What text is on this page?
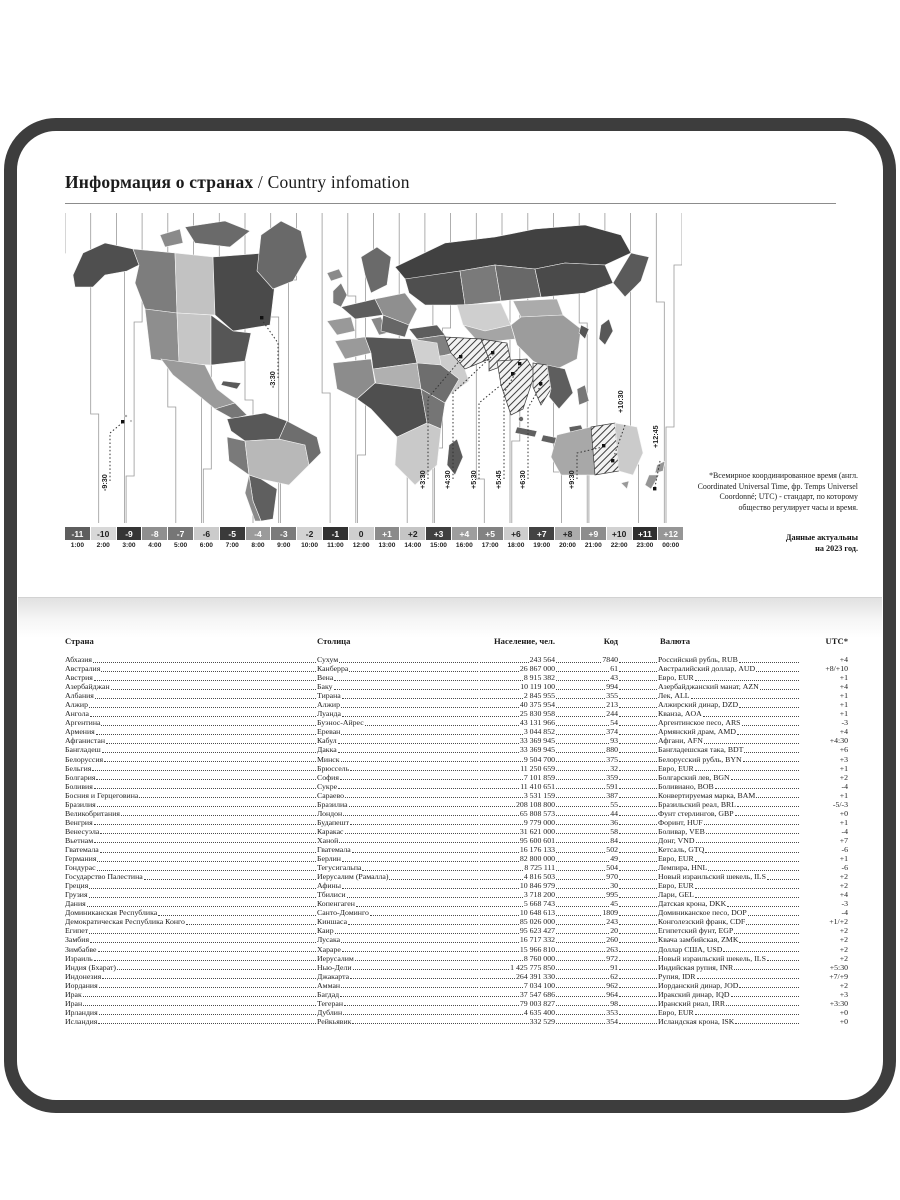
Информация о странах / Country infomation
-9:30
-3:30
+3:30 +4:30 +5:30 +5:45 +6:30	+9:30
+10:30
+12:45
-11	-10	-9	-8	-7	-6	-5	-4	-3	-2	-1	0	+1	+2	+3	+4	+5	+6	+7	+8	+9	+10	+11	+12
1:00	2:00	3:00	4:00	5:00	6:00	7:00	8:00	9:00	10:00	11:00	12:00	13:00	14:00	15:00	16:00	17:00	18:00	19:00	20:00	21:00	22:00	23:00	00:00
*Всемирное координированное время (англ. Coordinated Universal Time, фр. Temps Universel Coordonné; UTC) - стандарт, по которому общество регулирует часы и время.
Данные актуальны
на 2023 год.
Страна	Столица	Население, чел.	Код	Валюта	UTC*
Абхазия	Сухум	243 564	7840	Российский рубль, RUB	+4
Австралия	Канберра	26 867 000	61	Австралийский доллар, AUD	+8/+10
Австрия	Вена	8 915 382	43	Евро, EUR	+1
Азербайджан	Баку	10 119 100	994	Азербайджанский манат, AZN	+4
Албания	Тирана	2 845 955	355	Лек, ALL	+1
Алжир	Алжир	40 375 954	213	Алжирский динар, DZD	+1
Ангола	Луанда	25 830 958	244	Кванза, AOA	+1
Аргентина	Буэнос-Айрес	43 131 966	54	Аргентинское песо, ARS	-3
Армения	Ереван	3 044 852	374	Армянский драм, AMD	+4
Афганистан	Кабул	33 369 945	93	Афгани, AFN	+4:30
Бангладеш	Дакка	33 369 945	880	Бангладешская така, BDT	+6
Белоруссия	Минск	9 504 700	375	Белорусский рубль, BYN	+3
Бельгия	Брюссель	11 250 659	32	Евро, EUR	+1
Болгария	София	7 101 859	359	Болгарский лев, BGN	+2
Боливия	Сукре	11 410 651	591	Боливиано, BOB	-4
Босния и Герцеговина	Сараево	3 531 159	387	Конвертируемая марка, BAM	+1
Бразилия	Бразилиа	208 108 800	55	Бразильский реал, BRL	-5/-3
Великобритания	Лондон	65 808 573	44	Фунт стерлингов, GBP	+0
Венгрия	Будапешт	9 779 000	36	Форинт, HUF	+1
Венесуэла	Каракас	31 621 000	58	Боливар, VEB	-4
Вьетнам	Ханой	95 600 601	84	Донг, VND	+7
Гватемала	Гватемала	16 176 133	502	Кетсаль, GTQ	-6
Германия	Берлин	82 800 000	49	Евро, EUR	+1
Гондурас	Тегусигальпа	8 725 111	504	Лемпира, HNL	-6
Государство Палестина	Иерусалим (Рамалла)	4 816 503	970	Новый израильский шекель, ILS	+2
Греция	Афины	10 846 979	30	Евро, EUR	+2
Грузия	Тбилиси	3 718 200	995	Лари, GEL	+4
Дания	Копенгаген	5 668 743	45	Датская крона, DKK	-3
Доминиканская Республика	Санто-Доминго	10 648 613	1809	Доминиканское песо, DOP	-4
Демократическая Республика Конго	Киншаса	85 026 000	243	Конголезский франк, CDF	+1/+2
Египет	Каир	95 623 427	20	Египетский фунт, EGP	+2
Замбия	Лусака	16 717 332	260	Квача замбийская, ZMK	+2
Зимбабве	Хараре	15 966 810	263	Доллар США, USD	+2
Израиль	Иерусалим	8 760 000	972	Новый израильский шекель, ILS	+2
Индия (Бхарат)	Нью-Дели	1 425 775 850	91	Индийская рупия, INR	+5:30
Индонезия	Джакарта	264 391 330	62	Рупия, IDR	+7/+9
Иордания	Амман	7 034 100	962	Иорданский динар, JOD	+2
Ирак	Багдад	37 547 686	964	Иракский динар, IQD	+3
Иран	Тегеран	79 003 827	98	Иранский риал, IRR	+3:30
Ирландия	Дублин	4 635 400	353	Евро, EUR	+0
Исландия	Рейкьявик	332 529	354	Исландская крона, ISK	+0
